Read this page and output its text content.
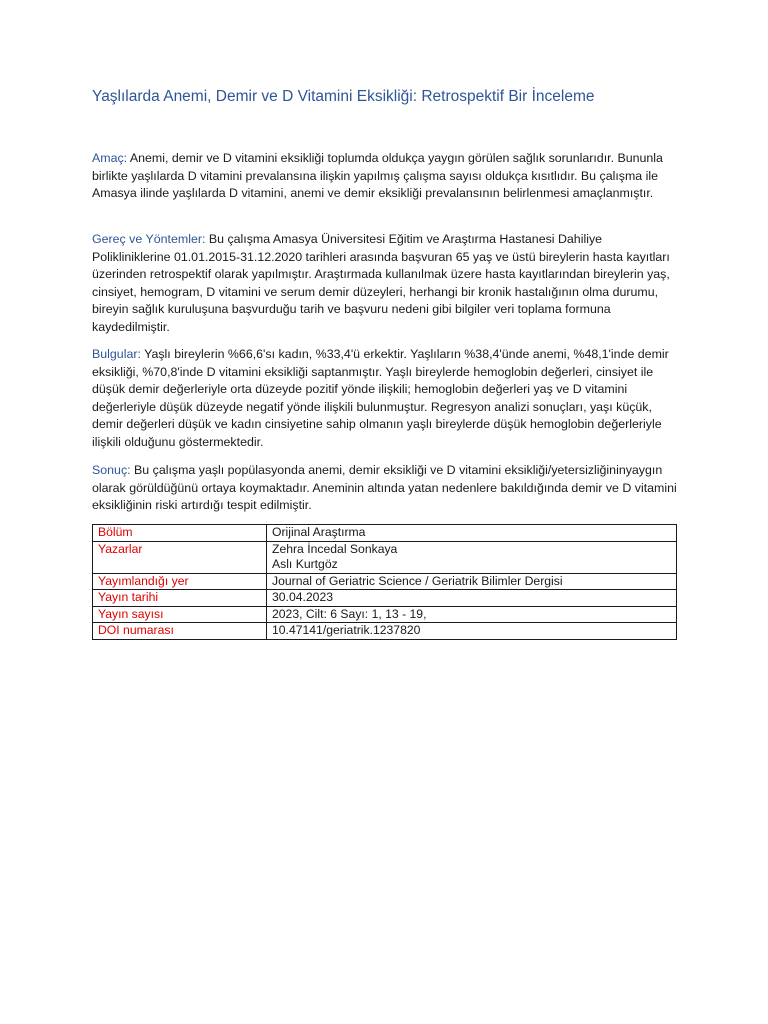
Yaşlılarda Anemi, Demir ve D Vitamini Eksikliği: Retrospektif Bir İnceleme

Amaç: Anemi, demir ve D vitamini eksikliği toplumda oldukça yaygın görülen sağlık sorunlarıdır. Bununla birlikte yaşlılarda D vitamini prevalansına ilişkin yapılmış çalışma sayısı oldukça kısıtlıdır. Bu çalışma ile Amasya ilinde yaşlılarda D vitamini, anemi ve demir eksikliği prevalansının belirlenmesi amaçlanmıştır.

Gereç ve Yöntemler: Bu çalışma Amasya Üniversitesi Eğitim ve Araştırma Hastanesi Dahiliye Polikliniklerine 01.01.2015-31.12.2020 tarihleri arasında başvuran 65 yaş ve üstü bireylerin hasta kayıtları üzerinden retrospektif olarak yapılmıştır. Araştırmada kullanılmak üzere hasta kayıtlarından bireylerin yaş, cinsiyet, hemogram, D vitamini ve serum demir düzeyleri, herhangi bir kronik hastalığının olma durumu, bireyin sağlık kuruluşuna başvurduğu tarih ve başvuru nedeni gibi bilgiler veri toplama formuna kaydedilmiştir.

Bulgular: Yaşlı bireylerin %66,6'sı kadın, %33,4'ü erkektir. Yaşlıların %38,4'ünde anemi, %48,1'inde demir eksikliği, %70,8'inde D vitamini eksikliği saptanmıştır. Yaşlı bireylerde hemoglobin değerleri, cinsiyet ile düşük demir değerleriyle orta düzeyde pozitif yönde ilişkili; hemoglobin değerleri yaş ve D vitamini değerleriyle düşük düzeyde negatif yönde ilişkili bulunmuştur. Regresyon analizi sonuçları, yaşı küçük, demir değerleri düşük ve kadın cinsiyetine sahip olmanın yaşlı bireylerde düşük hemoglobin değerleriyle ilişkili olduğunu göstermektedir.

Sonuç: Bu çalışma yaşlı popülasyonda anemi, demir eksikliği ve D vitamini eksikliği/yetersizliğininyaygın olarak görüldüğünü ortaya koymaktadır. Aneminin altında yatan nedenlere bakıldığında demir ve D vitamini eksikliğinin riski artırdığı tespit edilmiştir.

Bölüm	Orijinal Araştırma
Yazarlar	Zehra İncedal Sonkaya
Aslı Kurtgöz

Yayımlandığı yer	Journal of Geriatric Science / Geriatrik Bilimler Dergisi
Yayın tarihi	30.04.2023
Yayın sayısı	2023, Cilt: 6 Sayı: 1, 13 - 19,
DOI numarası	10.47141/geriatrik.1237820
